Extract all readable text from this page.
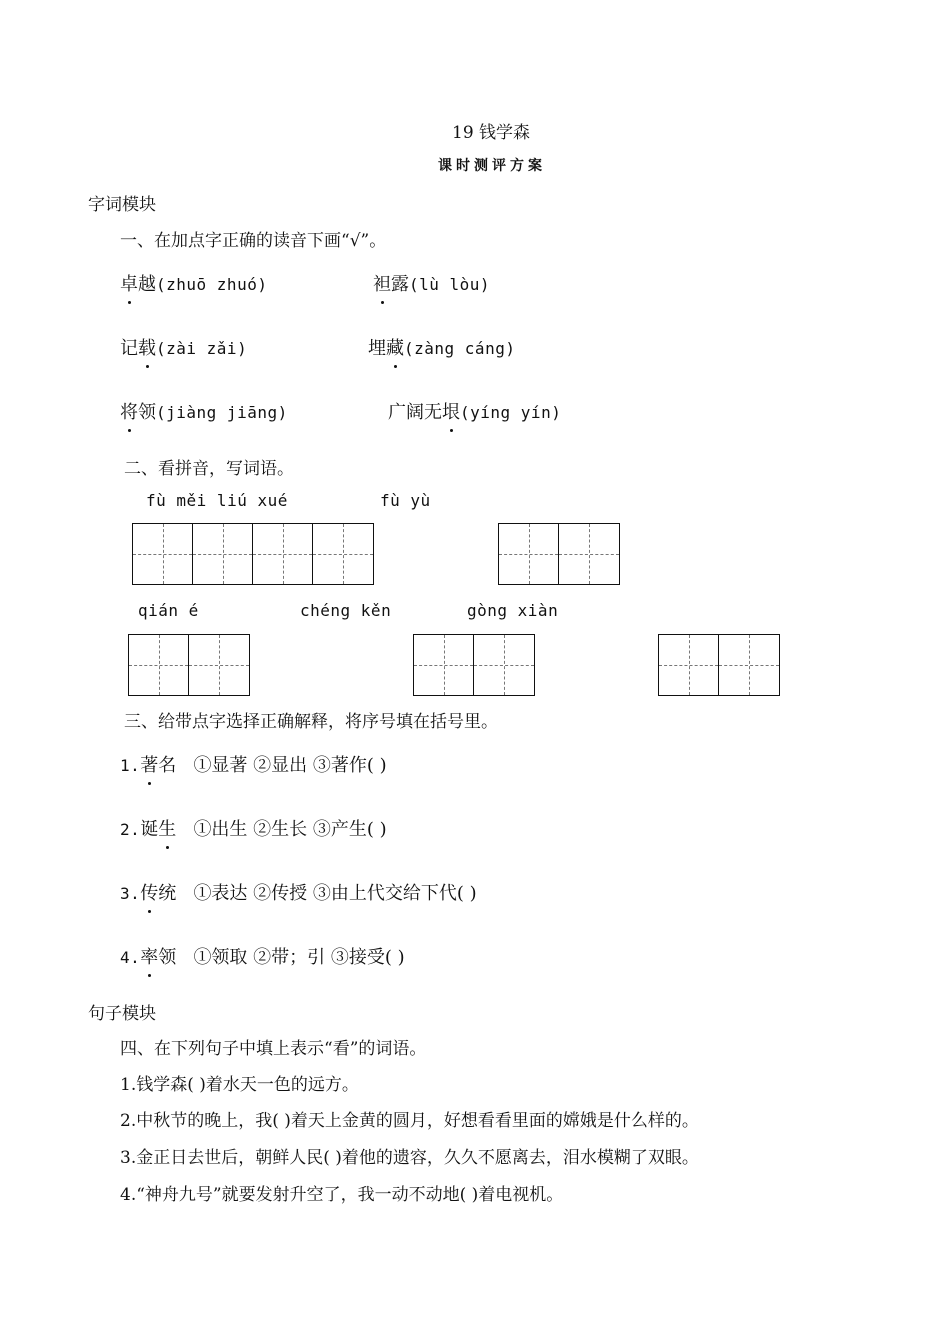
19 钱学森
课时测评方案
字词模块
一、在加点字正确的读音下画“√”。
卓越(zhuō zhuó)	袒露(lù lòu)
记载(zài zǎi)	埋藏(zàng cáng)
将领(jiàng jiāng)	广阔无垠(yíng yín)
二、看拼音，写词语。
fù měi liú xué	fù yù
qián é	chéng kěn	gòng xiàn
三、给带点字选择正确解释，将序号填在括号里。
1.著名 ①显著 ②显出 ③著作( )
2.诞生 ①出生 ②生长 ③产生( )
3.传统 ①表达 ②传授 ③由上代交给下代( )
4.率领 ①领取 ②带；引 ③接受( )
句子模块
四、在下列句子中填上表示“看”的词语。
1.钱学森( )着水天一色的远方。
2.中秋节的晚上，我( )着天上金黄的圆月，好想看看里面的嫦娥是什么样的。
3.金正日去世后，朝鲜人民( )着他的遗容，久久不愿离去，泪水模糊了双眼。
4.“神舟九号”就要发射升空了，我一动不动地( )着电视机。
